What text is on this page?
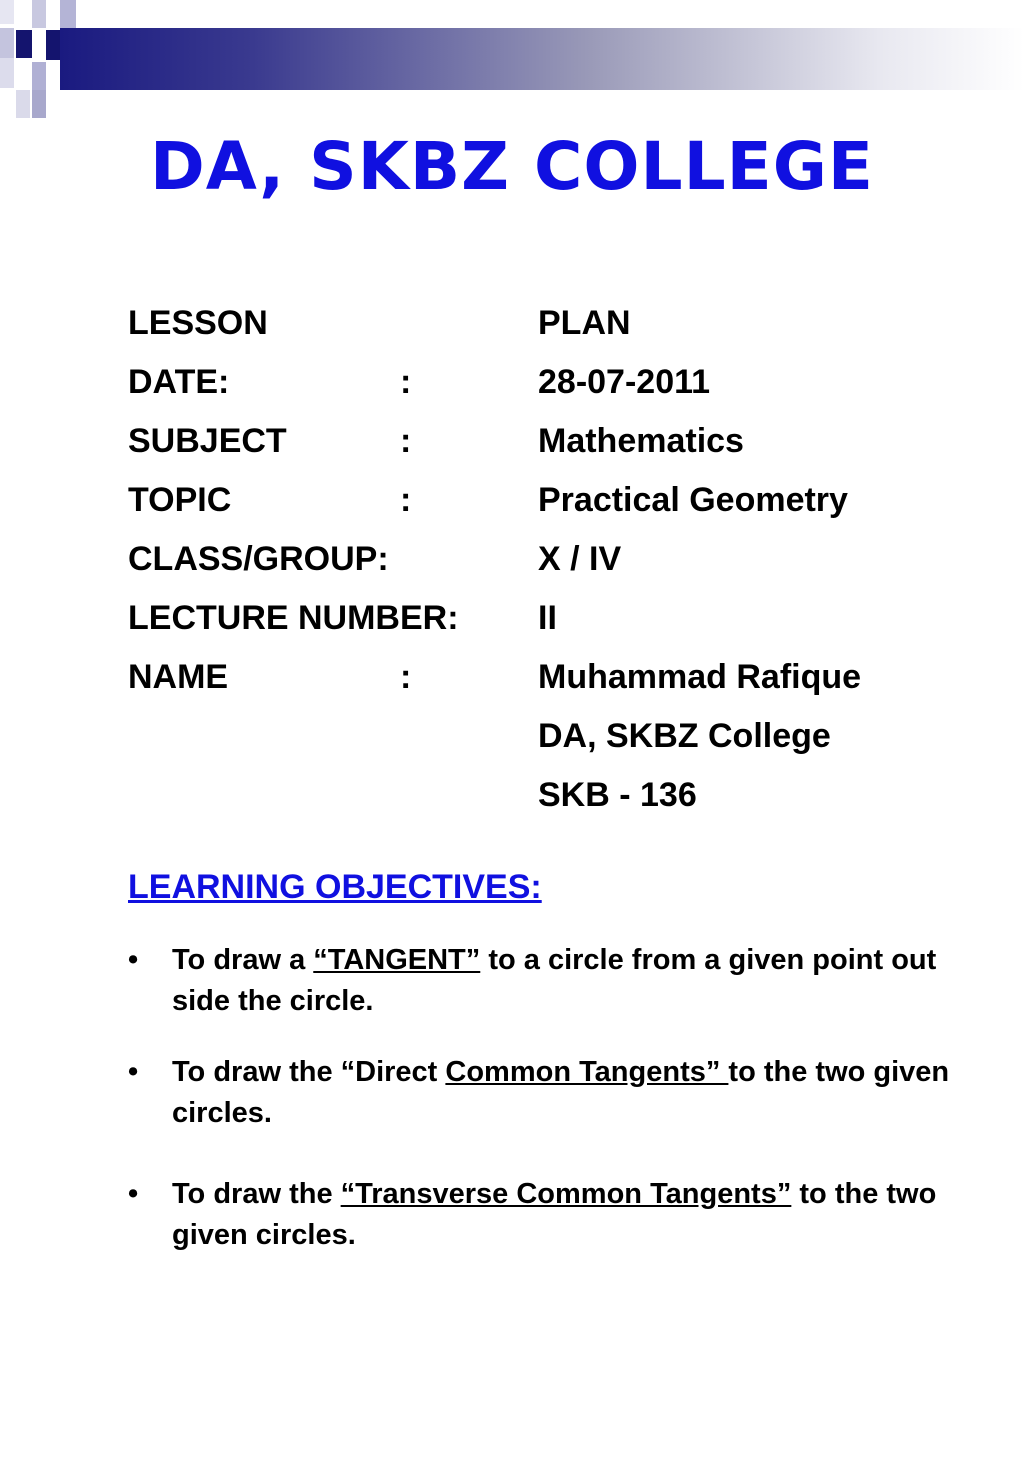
DA, SKBZ COLLEGE
LESSON	PLAN
DATE:	:	28-07-2011
SUBJECT	:	Mathematics
TOPIC	:	Practical Geometry
CLASS/GROUP:	X / IV
LECTURE NUMBER: II
NAME	:	Muhammad Rafique
DA, SKBZ College
SKB - 136
LEARNING OBJECTIVES:
• To draw a “TANGENT” to a circle from a given point out side the circle.
• To draw the “Direct Common Tangents” to the two given circles.
• To draw the “Transverse Common Tangents” to the two given circles.
